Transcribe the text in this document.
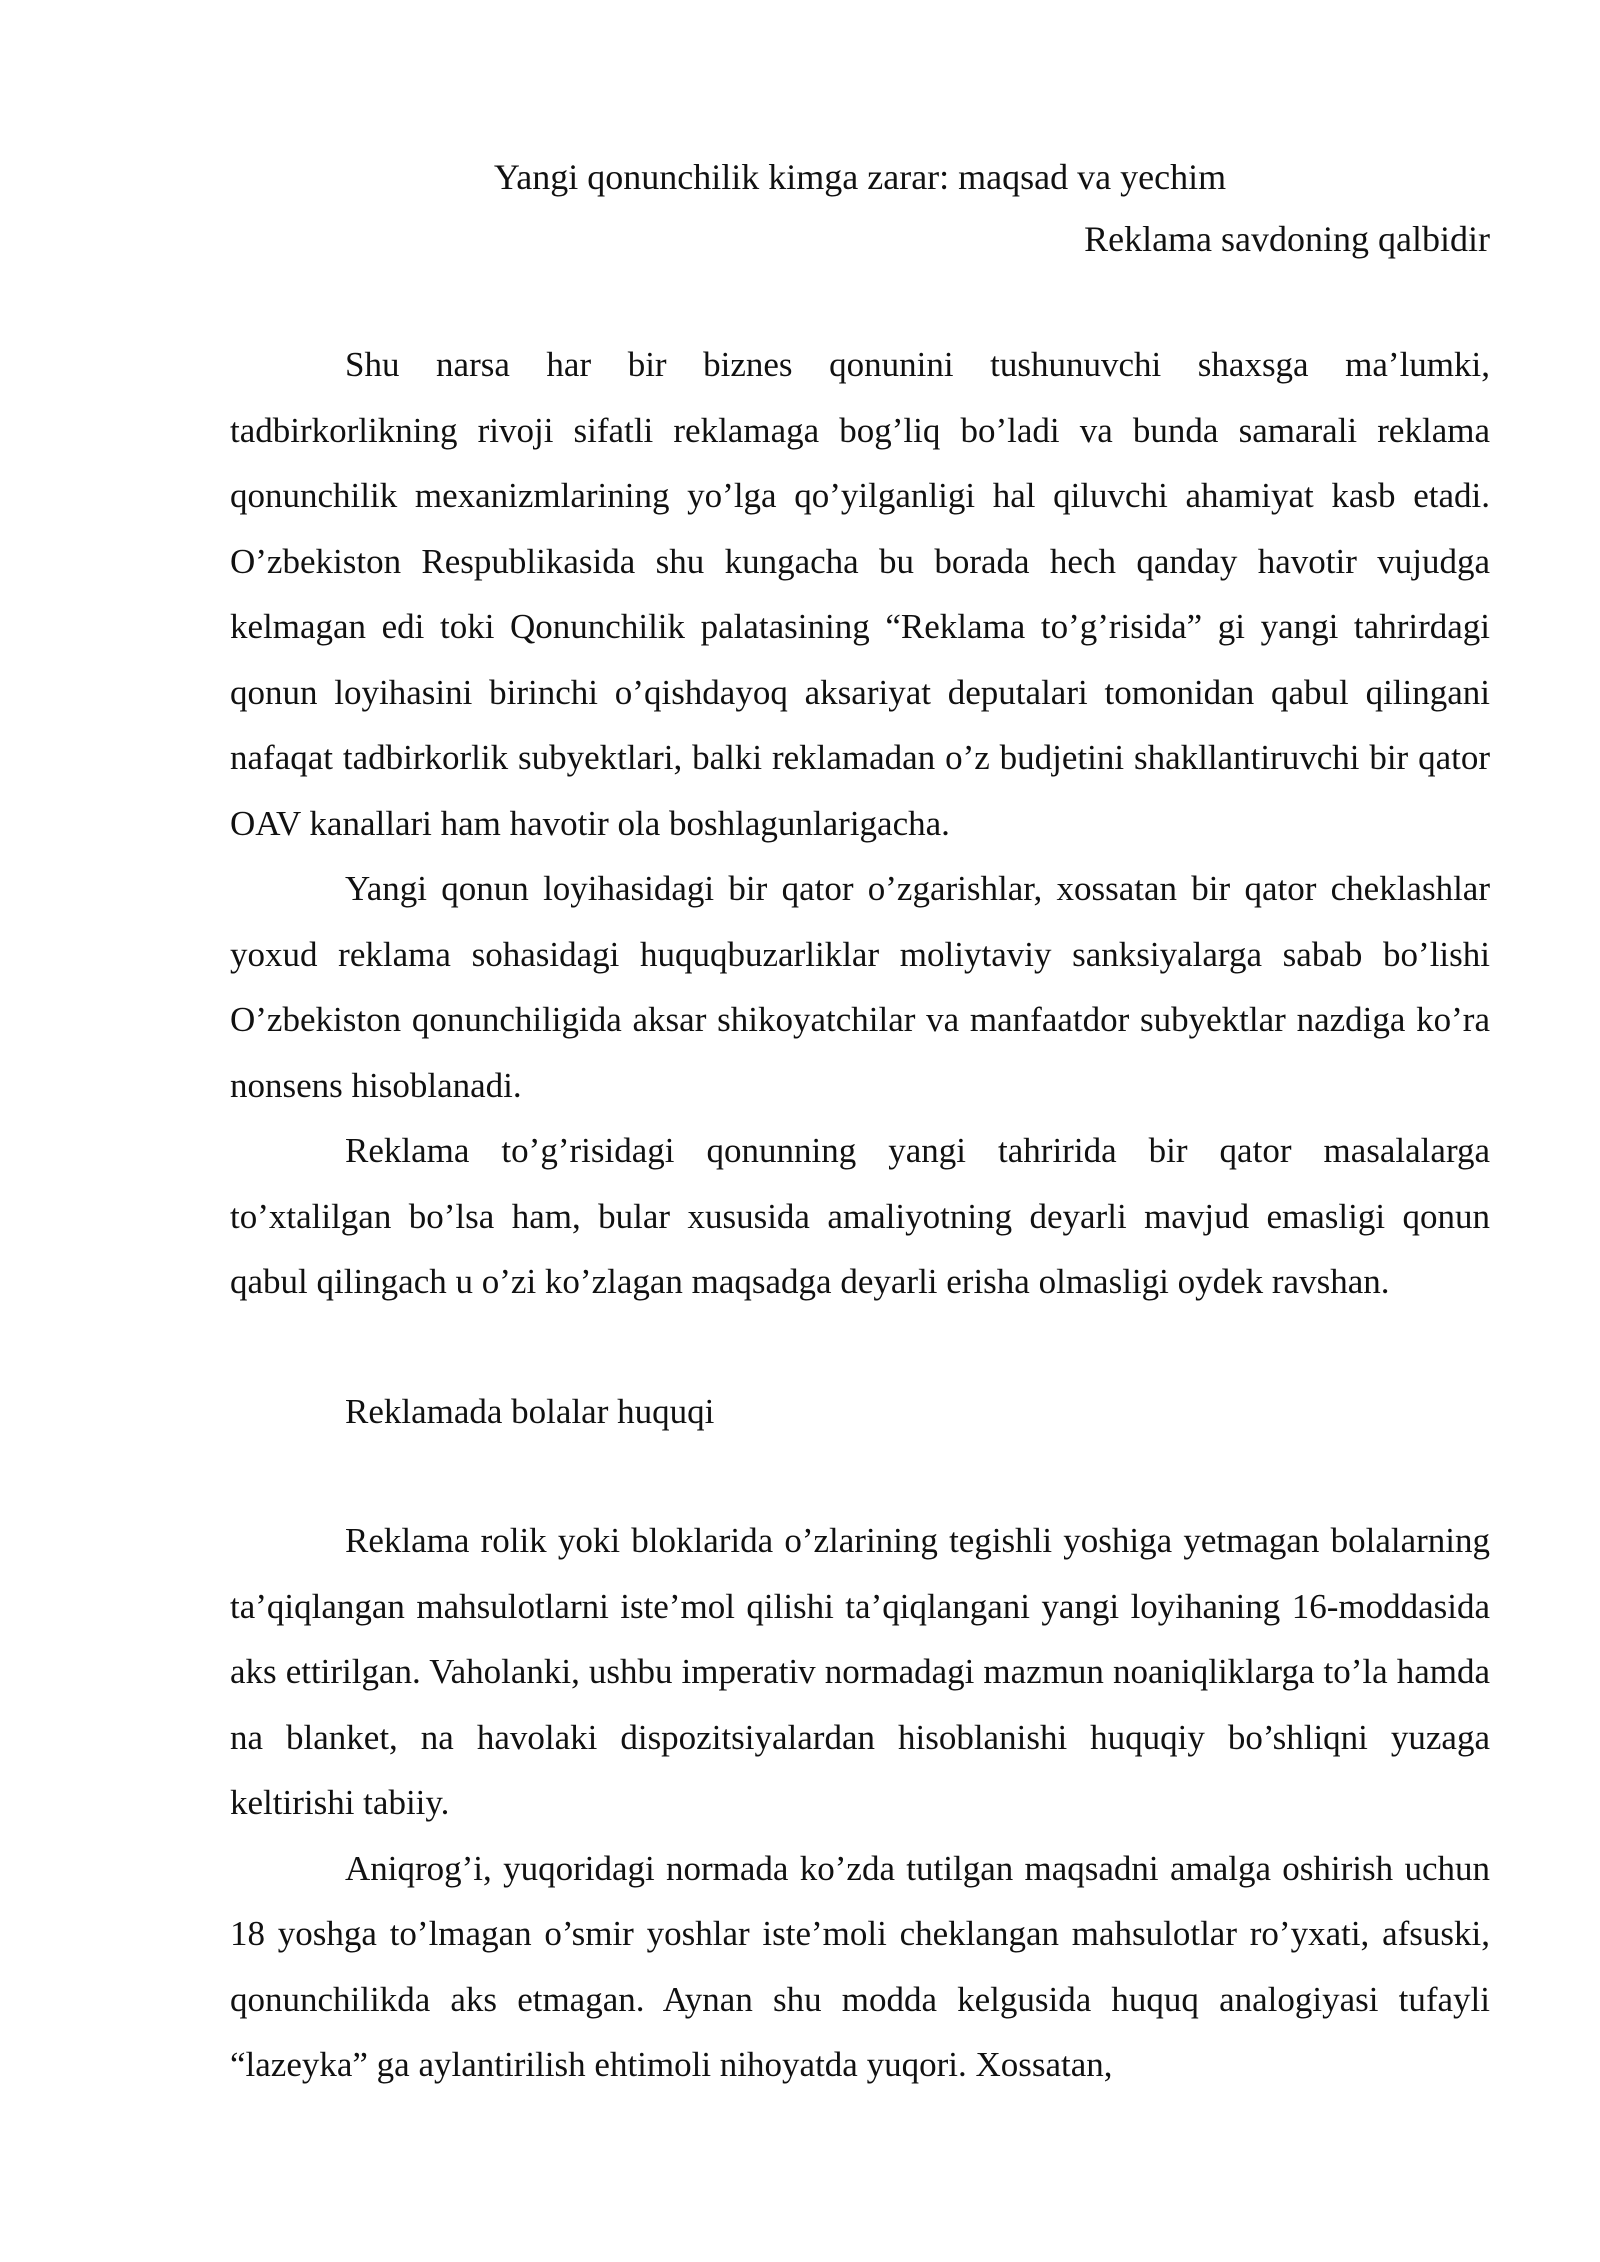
Yangi qonunchilik kimga zarar: maqsad va yechim
Reklama savdoning qalbidir

Shu narsa har bir biznes qonunini tushunuvchi shaxsga ma’lumki, tadbirkorlikning rivoji sifatli reklamaga bog’liq bo’ladi va bunda samarali reklama qonunchilik mexanizmlarining yo’lga qo’yilganligi hal qiluvchi ahamiyat kasb etadi. O’zbekiston Respublikasida shu kungacha bu borada hech qanday havotir vujudga kelmagan edi toki Qonunchilik palatasining “Reklama to’g’risida” gi yangi tahrirdagi qonun loyihasini birinchi o’qishdayoq aksariyat deputalari tomonidan qabul qilingani nafaqat tadbirkorlik subyektlari, balki reklamadan o’z budjetini shakllantiruvchi bir qator OAV kanallari ham havotir ola boshlagunlarigacha.

Yangi qonun loyihasidagi bir qator o’zgarishlar, xossatan bir qator cheklashlar yoxud reklama sohasidagi huquqbuzarliklar moliytaviy sanksiyalarga sabab bo’lishi O’zbekiston qonunchiligida aksar shikoyatchilar va manfaatdor subyektlar nazdiga ko’ra nonsens hisoblanadi.

Reklama to’g’risidagi qonunning yangi tahririda bir qator masalalarga to’xtalilgan bo’lsa ham, bular xususida amaliyotning deyarli mavjud emasligi qonun qabul qilingach u o’zi ko’zlagan maqsadga deyarli erisha olmasligi oydek ravshan.

Reklamada bolalar huquqi

Reklama rolik yoki bloklarida o’zlarining tegishli yoshiga yetmagan bolalarning ta’qiqlangan mahsulotlarni iste’mol qilishi ta’qiqlangani yangi loyihaning 16-moddasida aks ettirilgan. Vaholanki, ushbu imperativ normadagi mazmun noaniqliklarga to’la hamda na blanket, na havolaki dispozitsiyalardan hisoblanishi huquqiy bo’shliqni yuzaga keltirishi tabiiy.

Aniqrog’i, yuqoridagi normada ko’zda tutilgan maqsadni amalga oshirish uchun 18 yoshga to’lmagan o’smir yoshlar iste’moli cheklangan mahsulotlar ro’yxati, afsuski, qonunchilikda aks etmagan. Aynan shu modda kelgusida huquq analogiyasi tufayli “lazeyka” ga aylantirilish ehtimoli nihoyatda yuqori. Xossatan,
